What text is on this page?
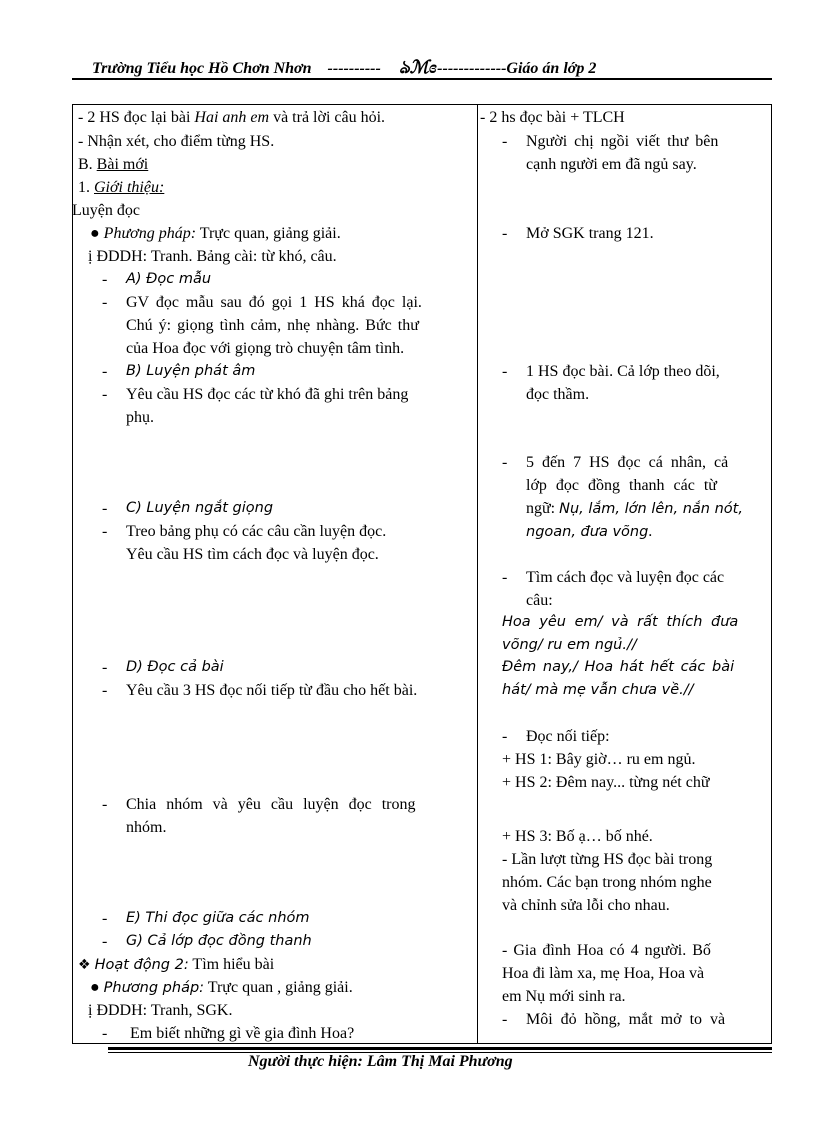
Trường Tiểu học Hồ Chơn Nhơn ---------- ঌℳɞ-------------Giáo án lớp 2
- 2 HS đọc lại bài Hai anh em và trả lời câu hỏi.
- Nhận xét, cho điểm từng HS.
B. Bài mới
1. Giới thiệu:
Luyện đọc
● Phương pháp: Trực quan, giảng giải.
ị ĐDDH: Tranh. Bảng cài: từ khó, câu.
- A) Đọc mẫu
- GV đọc mẫu sau đó gọi 1 HS khá đọc lại.
Chú ý: giọng tình cảm, nhẹ nhàng. Bức thư
của Hoa đọc với giọng trò chuyện tâm tình.
- B) Luyện phát âm
- Yêu cầu HS đọc các từ khó đã ghi trên bảng
phụ.
- C) Luyện ngắt giọng
- Treo bảng phụ có các câu cần luyện đọc.
Yêu cầu HS tìm cách đọc và luyện đọc.
- D) Đọc cả bài
- Yêu cầu 3 HS đọc nối tiếp từ đầu cho hết bài.
- Chia nhóm và yêu cầu luyện đọc trong
nhóm.
- E) Thi đọc giữa các nhóm
- G) Cả lớp đọc đồng thanh
❖ Hoạt động 2: Tìm hiểu bài
● Phương pháp: Trực quan , giảng giải.
ị ĐDDH: Tranh, SGK.
- Em biết những gì về gia đình Hoa?
- 2 hs đọc bài + TLCH
- Người chị ngồi viết thư bên
cạnh người em đã ngủ say.
- Mở SGK trang 121.
- 1 HS đọc bài. Cả lớp theo dõi,
đọc thầm.
- 5 đến 7 HS đọc cá nhân, cả
lớp đọc đồng thanh các từ
ngữ: Nụ, lắm, lớn lên, nắn nót,
ngoan, đưa võng.
- Tìm cách đọc và luyện đọc các
câu:
Hoa yêu em/ và rất thích đưa
võng/ ru em ngủ.//
Đêm nay,/ Hoa hát hết các bài
hát/ mà mẹ vẫn chưa về.//
- Đọc nối tiếp:
+ HS 1: Bây giờ… ru em ngủ.
+ HS 2: Đêm nay... từng nét chữ
+ HS 3: Bố ạ… bố nhé.
- Lần lượt từng HS đọc bài trong
nhóm. Các bạn trong nhóm nghe
và chỉnh sửa lỗi cho nhau.
- Gia đình Hoa có 4 người. Bố
Hoa đi làm xa, mẹ Hoa, Hoa và
em Nụ mới sinh ra.
- Môi đỏ hồng, mắt mở to và
Người thực hiện: Lâm Thị Mai Phương
